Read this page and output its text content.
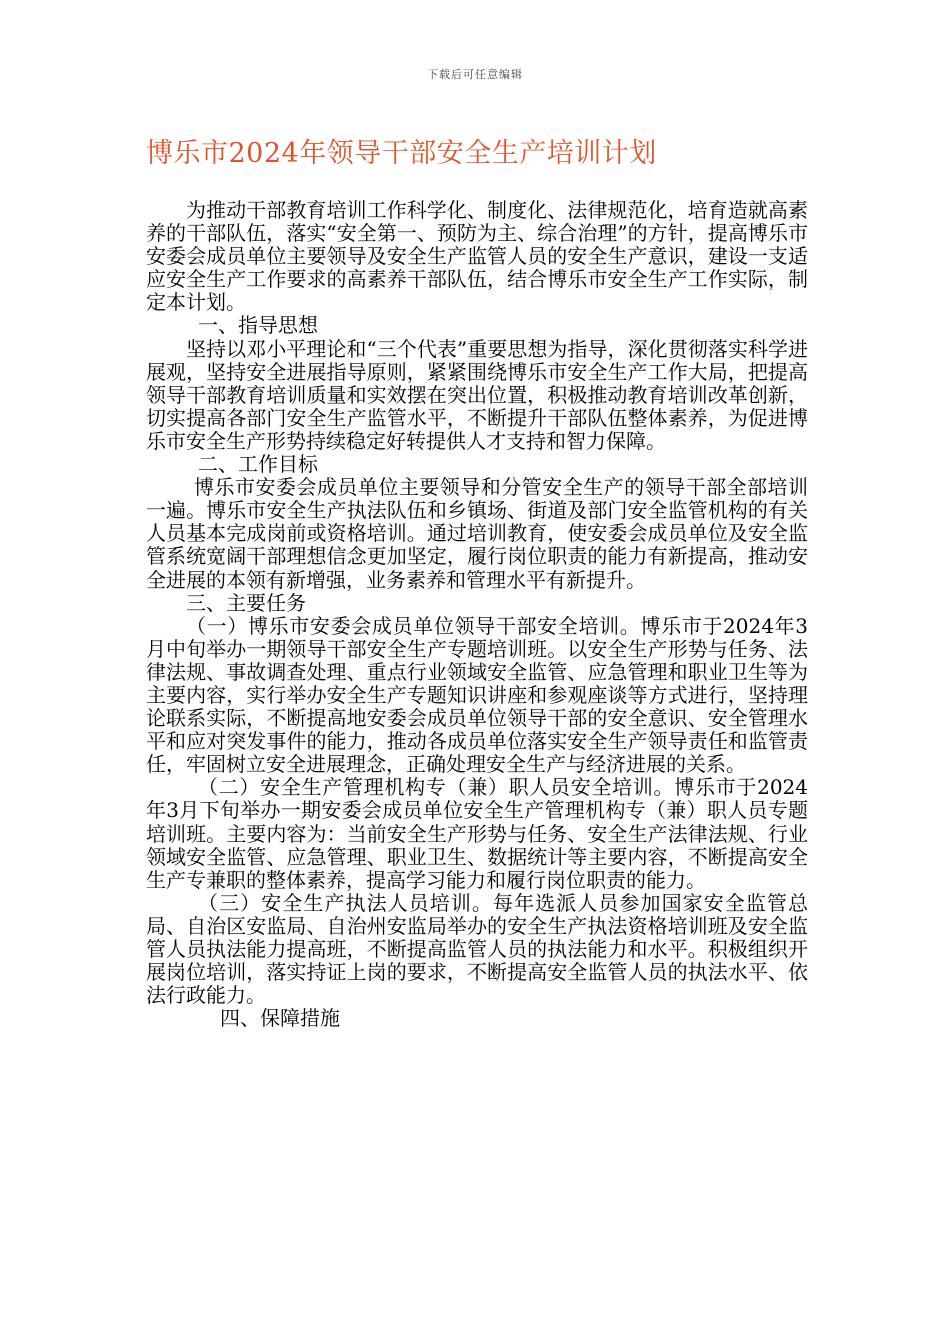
下载后可任意编辑
博乐市2024年领导干部安全生产培训计划

为推动干部教育培训工作科学化、制度化、法律规范化，培育造就高素养的干部队伍，落实“安全第一、预防为主、综合治理”的方针，提高博乐市安委会成员单位主要领导及安全生产监管人员的安全生产意识，建设一支适应安全生产工作要求的高素养干部队伍，结合博乐市安全生产工作实际，制定本计划。

一、指导思想

坚持以邓小平理论和“三个代表”重要思想为指导，深化贯彻落实科学进展观，坚持安全进展指导原则，紧紧围绕博乐市安全生产工作大局，把提高领导干部教育培训质量和实效摆在突出位置，积极推动教育培训改革创新，切实提高各部门安全生产监管水平，不断提升干部队伍整体素养，为促进博乐市安全生产形势持续稳定好转提供人才支持和智力保障。

二、工作目标

博乐市安委会成员单位主要领导和分管安全生产的领导干部全部培训一遍。博乐市安全生产执法队伍和乡镇场、街道及部门安全监管机构的有关人员基本完成岗前或资格培训。通过培训教育，使安委会成员单位及安全监管系统宽阔干部理想信念更加坚定，履行岗位职责的能力有新提高，推动安全进展的本领有新增强，业务素养和管理水平有新提升。

三、主要任务

（一）博乐市安委会成员单位领导干部安全培训。博乐市于2024年3月中旬举办一期领导干部安全生产专题培训班。以安全生产形势与任务、法律法规、事故调查处理、重点行业领域安全监管、应急管理和职业卫生等为主要内容，实行举办安全生产专题知识讲座和参观座谈等方式进行，坚持理论联系实际，不断提高地安委会成员单位领导干部的安全意识、安全管理水平和应对突发事件的能力，推动各成员单位落实安全生产领导责任和监管责任，牢固树立安全进展理念，正确处理安全生产与经济进展的关系。

（二）安全生产管理机构专（兼）职人员安全培训。博乐市于2024年3月下旬举办一期安委会成员单位安全生产管理机构专（兼）职人员专题培训班。主要内容为：当前安全生产形势与任务、安全生产法律法规、行业领域安全监管、应急管理、职业卫生、数据统计等主要内容，不断提高安全生产专兼职的整体素养，提高学习能力和履行岗位职责的能力。

（三）安全生产执法人员培训。每年选派人员参加国家安全监管总局、自治区安监局、自治州安监局举办的安全生产执法资格培训班及安全监管人员执法能力提高班，不断提高监管人员的执法能力和水平。积极组织开展岗位培训，落实持证上岗的要求，不断提高安全监管人员的执法水平、依法行政能力。

四、保障措施
